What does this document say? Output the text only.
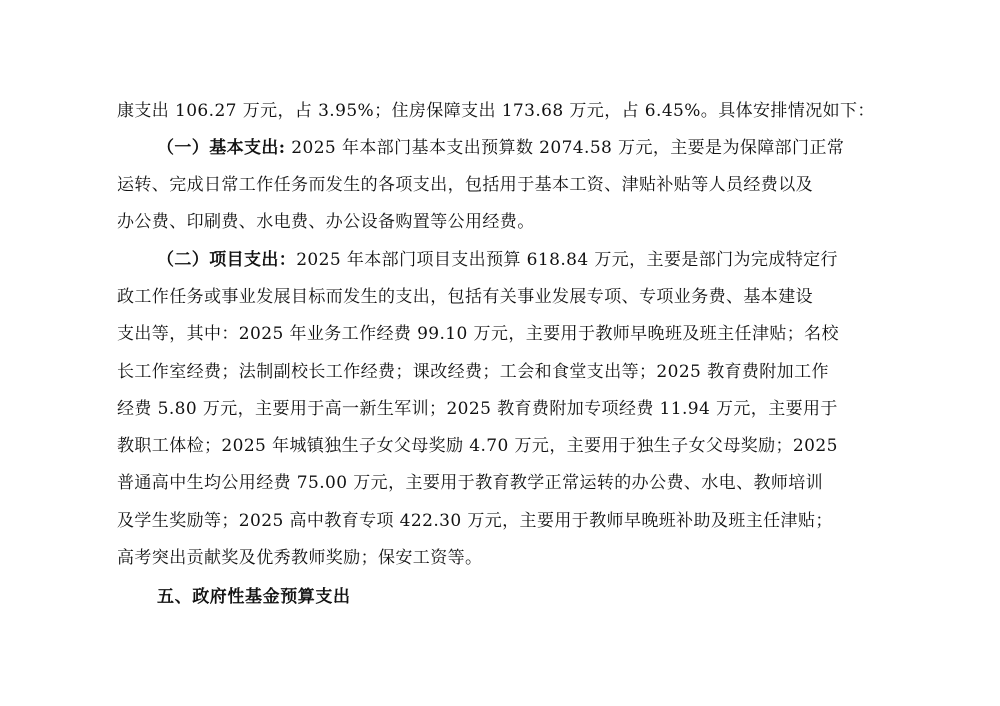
康支出 106.27 万元，占 3.95%；住房保障支出 173.68 万元，占 6.45%。具体安排情况如下：
（一）基本支出: 2025 年本部门基本支出预算数 2074.58 万元，主要是为保障部门正常
运转、完成日常工作任务而发生的各项支出，包括用于基本工资、津贴补贴等人员经费以及
办公费、印刷费、水电费、办公设备购置等公用经费。
（二）项目支出：2025 年本部门项目支出预算 618.84 万元，主要是部门为完成特定行
政工作任务或事业发展目标而发生的支出，包括有关事业发展专项、专项业务费、基本建设
支出等，其中：2025 年业务工作经费 99.10 万元，主要用于教师早晚班及班主任津贴；名校
长工作室经费；法制副校长工作经费；课改经费；工会和食堂支出等；2025 教育费附加工作
经费 5.80 万元，主要用于高一新生军训；2025 教育费附加专项经费 11.94 万元，主要用于
教职工体检；2025 年城镇独生子女父母奖励 4.70 万元，主要用于独生子女父母奖励；2025
普通高中生均公用经费 75.00 万元，主要用于教育教学正常运转的办公费、水电、教师培训
及学生奖励等；2025 高中教育专项 422.30 万元，主要用于教师早晚班补助及班主任津贴；
高考突出贡献奖及优秀教师奖励；保安工资等。
五、政府性基金预算支出
